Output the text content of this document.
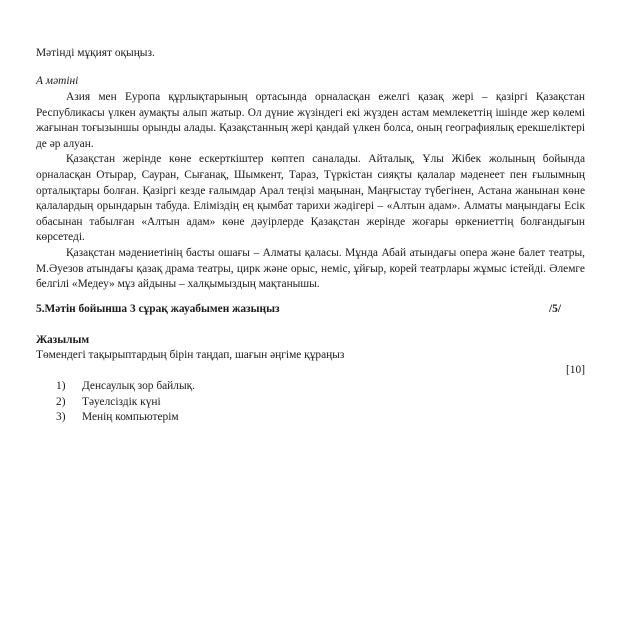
Мәтінді мұқият оқыңыз.

А мәтіні

Азия мен Еуропа құрлықтарының ортасында орналасқан ежелгі қазақ жері – қазіргі Қазақстан Республикасы үлкен аумақты алып жатыр. Ол дүние жүзіндегі екі жүзден астам мемлекеттің ішінде жер көлемі жағынан тоғызыншы орынды алады. Қазақстанның жері қандай үлкен болса, оның географиялық ерекшеліктері де әр алуан.

Қазақстан жерінде көне ескерткіштер көптеп саналады. Айталық, Ұлы Жібек жолының бойында орналасқан Отырар, Сауран, Сығанақ, Шымкент, Тараз, Түркістан сияқты қалалар мәденеет пен ғылымның орталықтары болған. Қазіргі кезде ғалымдар Арал теңізі маңынан, Маңғыстау түбегінен, Астана жанынан көне қалалардың орындарын табуда. Еліміздің ең қымбат тарихи жәдігері – «Алтын адам». Алматы маңындағы Есік обасынан табылған «Алтын адам» көне дәуірлерде Қазақстан жерінде жоғары өркениеттің болғандығын көрсетеді.

Қазақстан мәдениетінің басты ошағы – Алматы қаласы. Мұнда Абай атындағы опера және балет театры, М.Әуезов атындағы қазақ драма театры, цирк және орыс, неміс, ұйғыр, корей театрлары жұмыс істейді. Әлемге белгілі «Медеу» мұз айдыны – халқымыздың мақтанышы.

5.Мәтін бойынша 3 сұрақ жауабымен жазыңыз	/5/

Жазылым

Төмендегі тақырыптардың бірін таңдап, шағын әңгіме құраңыз

[10]

1)	Денсаулық зор байлық.
2)	Тәуелсіздік күні
3)	Менің компьютерім
